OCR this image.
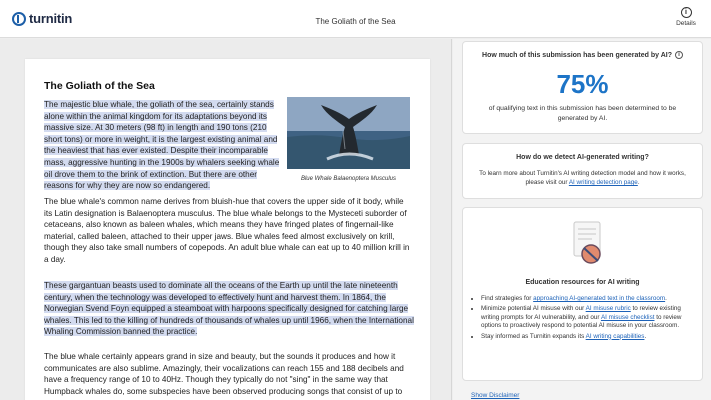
turnitin	The Goliath of the Sea
i
Details
The Goliath of the Sea
The majestic blue whale, the goliath of the sea, certainly stands alone within the animal kingdom for its adaptations beyond its massive size. At 30 meters (98 ft) in length and 190 tons (210 short tons) or more in weight, it is the largest existing animal and the heaviest that has ever existed. Despite their incomparable mass, aggressive hunting in the 1900s by whalers seeking whale oil drove them to the brink of extinction. But there are other reasons for why they are now so endangered.
Blue Whale Balaenoptera Musculus
The blue whale's common name derives from bluish-hue that covers the upper side of it body, while its Latin designation is Balaenoptera musculus. The blue whale belongs to the Mysteceti suborder of cetaceans, also known as baleen whales, which means they have fringed plates of fingernail-like material, called baleen, attached to their upper jaws. Blue whales feed almost exclusively on krill, though they also take small numbers of copepods. An adult blue whale can eat up to 40 million krill in a day.
These gargantuan beasts used to dominate all the oceans of the Earth up until the late nineteenth century, when the technology was developed to effectively hunt and harvest them. In 1864, the Norwegian Svend Foyn equipped a steamboat with harpoons specifically designed for catching large whales. This led to the killing of hundreds of thousands of whales up until 1966, when the International Whaling Commission banned the practice.
The blue whale certainly appears grand in size and beauty, but the sounds it produces and how it communicates are also sublime. Amazingly, their vocalizations can reach 155 and 188 decibels and have a frequency range of 10 to 40Hz. Though they typically do not "sing" in the same way that Humpback whales do, some subspecies have been observed producing songs that consist of up to
How much of this submission has been generated by AI? i
75%
of qualifying text in this submission has been determined to be generated by AI.
How do we detect AI-generated writing?
To learn more about Turnitin's AI writing detection model and how it works, please visit our AI writing detection page.
Education resources for AI writing
• Find strategies for approaching AI-generated text in the classroom.
• Minimize potential AI misuse with our AI misuse rubric to review existing writing prompts for AI vulnerability, and our AI misuse checklist to review options to proactively respond to potential AI misuse in your classroom.
• Stay informed as Turnitin expands its AI writing capabilities.
Show Disclaimer
